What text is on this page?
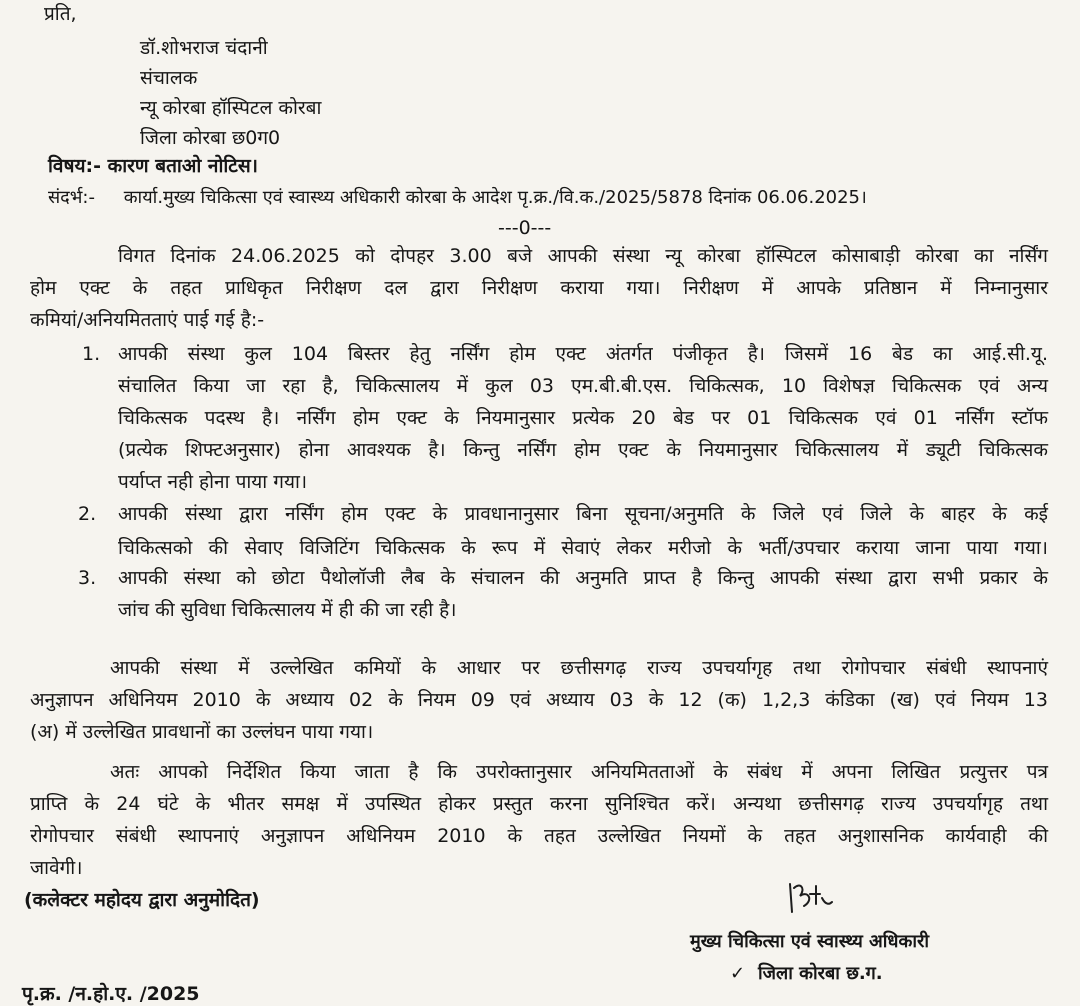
प्रति,
डॉ.शोभराज चंदानी
संचालक
न्यू कोरबा हॉस्पिटल कोरबा
जिला कोरबा छ0ग0
विषय:- कारण बताओ नोटिस।
संदर्भ:- कार्या.मुख्य चिकित्सा एवं स्वास्थ्य अधिकारी कोरबा के आदेश पृ.क्र./वि.क./2025/5878 दिनांक 06.06.2025।
---0---
विगत दिनांक 24.06.2025 को दोपहर 3.00 बजे आपकी संस्था न्यू कोरबा हॉस्पिटल कोसाबाड़ी कोरबा का नर्सिंग
होम एक्ट के तहत प्राधिकृत निरीक्षण दल द्वारा निरीक्षण कराया गया। निरीक्षण में आपके प्रतिष्ठान में निम्नानुसार
कमियां/अनियमितताएं पाई गई है:-
1. आपकी संस्था कुल 104 बिस्तर हेतु नर्सिंग होम एक्ट अंतर्गत पंजीकृत है। जिसमें 16 बेड का आई.सी.यू.
संचालित किया जा रहा है, चिकित्सालय में कुल 03 एम.बी.बी.एस. चिकित्सक, 10 विशेषज्ञ चिकित्सक एवं अन्य
चिकित्सक पदस्थ है। नर्सिंग होम एक्ट के नियमानुसार प्रत्येक 20 बेड पर 01 चिकित्सक एवं 01 नर्सिंग स्टॉफ
(प्रत्येक शिफ्टअनुसार) होना आवश्यक है। किन्तु नर्सिंग होम एक्ट के नियमानुसार चिकित्सालय में ड्यूटी चिकित्सक
पर्याप्त नही होना पाया गया।
2. आपकी संस्था द्वारा नर्सिंग होम एक्ट के प्रावधानानुसार बिना सूचना/अनुमति के जिले एवं जिले के बाहर के कई
चिकित्सको की सेवाए विजिटिंग चिकित्सक के रूप में सेवाएं लेकर मरीजो के भर्ती/उपचार कराया जाना पाया गया।
3. आपकी संस्था को छोटा पैथोलॉजी लैब के संचालन की अनुमति प्राप्त है किन्तु आपकी संस्था द्वारा सभी प्रकार के
जांच की सुविधा चिकित्सालय में ही की जा रही है।
आपकी संस्था में उल्लेखित कमियों के आधार पर छत्तीसगढ़ राज्य उपचर्यागृह तथा रोगोपचार संबंधी स्थापनाएं
अनुज्ञापन अधिनियम 2010 के अध्याय 02 के नियम 09 एवं अध्याय 03 के 12 (क) 1,2,3 कंडिका (ख) एवं नियम 13
(अ) में उल्लेखित प्रावधानों का उल्लंघन पाया गया।
अतः आपको निर्देशित किया जाता है कि उपरोक्तानुसार अनियमितताओं के संबंध में अपना लिखित प्रत्युत्तर पत्र
प्राप्ति के 24 घंटे के भीतर समक्ष में उपस्थित होकर प्रस्तुत करना सुनिश्चित करें। अन्यथा छत्तीसगढ़ राज्य उपचर्यागृह तथा
रोगोपचार संबंधी स्थापनाएं अनुज्ञापन अधिनियम 2010 के तहत उल्लेखित नियमों के तहत अनुशासनिक कार्यवाही की
जावेगी।
(कलेक्टर महोदय द्वारा अनुमोदित)
मुख्य चिकित्सा एवं स्वास्थ्य अधिकारी
✓ जिला कोरबा छ.ग.
पृ.क्र. /न.हो.ए. /2025
